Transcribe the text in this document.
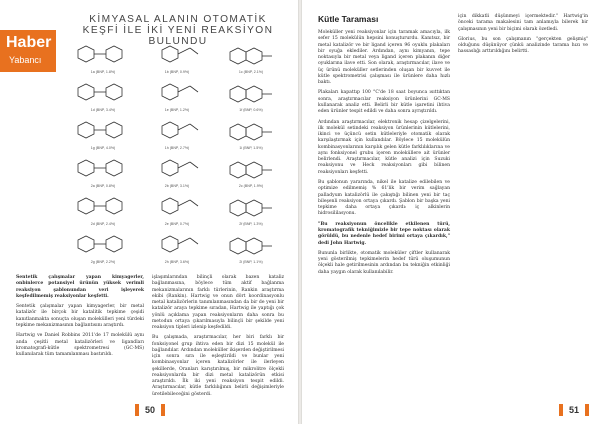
Haber
Yabancı
KİMYASAL ALANIN OTOMATİK KEŞFİ İLE İKİ YENİ REAKSİYON BULUNDU
1a (BNP, 1.8%)	1b (BNP, 0.9%)	1c (BNP, 2.1%)
1d (BNP, 3.4%)	1e (BNP, 1.2%)	1f (BNP, 0.6%)
1g (BNP, 4.0%)	1h (BNP, 2.7%)	1i (BNP, 1.5%)
2a (BNP, 0.8%)	2b (BNP, 3.1%)	2c (BNP, 1.9%)
2d (BNP, 2.4%)	2e (BNP, 0.7%)	2f (BNP, 1.3%)
2g (BNP, 2.2%)	2h (BNP, 3.6%)	2i (BNP, 1.1%)

Sentetik çalışmalar yapan kimyagerler, onbinlerce potansiyel ürünün yüksek verimli reaksiyon şablonundan veri işleyerek keşfedilmemiş reaksiyonlar keşfetti.

Sentetik çalışmalar yapan kimyagerler, bir metal katalizör ile birçok bir katalitik tepkime çeşidi kanıtlanmakta sonuçta oluşan molekülleri yeni türdeki tepkime mekanizmasının bağlantısını araştırdı.

Hartwig ve Daniel Robbins 2011'de 17 molekülü aynı anda çeşitli metal katalizörleri ve ligandları kromatografi-kütle spektrometresi (GC-MS) kullanılarak tüm tamamlanması bastırıldı.

işlaşımlarından bilinçli olarak bazen kataliz bağlanmasına, böylece tüm aktif bağlanma mekanizmalarının farklı türlerinin, Rankin araştırma ekibi (Rankin). Hartwig ve onun dört koordinasyonlu metal katalizörlerin tanımlanmasından da bir de yeni bir katalizör araya tepkime sıradan, Hartwig ile yaptığı çok yönlü açıklama yapan reaksiyonların daha sonra bu metodun ortaya çıkarılmasıyla bilinçli bir şekilde yeni reaksiyon tipleri izlenip keşfedildi.

Bu çalışmada, araştırmacılar, her biri farklı bir fonksiyonel grup ihtiva eden bir dizi 15 molekül ile bağlandılar. Ardından moleküller ikişerden değiştirilmesi için sonra sıra ile eşleştirildi ve bunlar yeni kombinasyonlar içeren katalizörler ile ilerleyen şekillerde, Oranları karıştırılmış, bir mikrolitre ölçekli reaksiyonlarda bir dizi metal katalizörün etkisi araştırıldı. İlk iki yeni reaksiyon tespit edildi. Araştırmacılar, kütle farklılığının belirli değişimleriyle üretilebileceğini gösterdi.

50
Kütle Taraması

Moleküller yeni reaksiyonlar için taramak amacıyla, ilk sefer 15 molekülün hepsini konuştururdu. Kanıtsız, bir metal katalizör ve bir ligand içeren 96 oyuklu plakaları bir oyuğa eklediler. Ardından, aynı kimyanın, tepe noktasıyla bir metal veya ligand içeren plakanın diğer oyuklarına ilave etti. Son olarak, araştırmacılar, ilave ve üç ürünü moleküller setlerinden oluşan bir kuvvet ile kütle spektrometrisi çalışması ile ürünlere daha hızlı baktı.

Plakaları kapattıp 100 °C'de 18 saat boyunca ısıttıktan sonra, araştırmacılar reaksiyon ürünlerini GC-MS kullanarak analiz etti. Belirli bir kütle işaretini ihtiva eden ürünler tespit edildi ve daha sonra ayrıştırıldı.

Ardından araştırmacılar, elektronik hesap çizelgelerini, ilk molekül setindeki reaksiyon ürünlerinin kütlelerini, ikinci ve üçüncü setin kütleleriyle otomatik olarak karşılaştırmak için kullandılar. Böylece 15 molekülün kombinasyonlarının karşılık gelen kütle farklılıklarına ve aynı fonksiyonel grubu içeren moleküllere ait ürünler belirlendi. Araştırmacılar, kütle analizi için Suzuki reaksiyonu ve Heck reaksiyonları gibi bilinen reaksiyonları keşfetti.

Bu şablonun yararında, nikel ile katalize edilebilen ve optimize edilmemiş % 61'lik bir verim sağlayan palladyum katalizörlü ile çakıştığı bilinen yeni bir taç bileşenli reaksiyon ortaya çıkardı. Şablon bir başka yeni tepkime daha ortaya çıkardı: iç alkinlerin hidrosililasyonu.

"Bu reaksiyonun öncelikle etkilenen türü, kromatografik tekniğimizle bir tepe noktası olarak görüldü, bu nedenle hedef birimi ortaya çıkardık," dedi John Hartwig.

Bununla birlikte, otomatik moleküler çiftler kullanarak yeni gösterilmiş tepkimelerin hedef türü oluşumunun ölçekli hale getirilmesinin ardından bu tekniğin etkinliği daha yaygın olarak kullanılabilir.

için dikkatli düşünmeyi içermektedir." Hartwig'in önceki tarama makalesini tam anlamıyla bilerek bir çalışmasının yeni bir biçimi olarak özetledi.

Glorius, bu son çalışmanın "gerçekten gelişmiş" olduğunu düşünüyor çünkü analizinde tarama hızı ve hassaslığı arttırıldığını belirtti.

51
